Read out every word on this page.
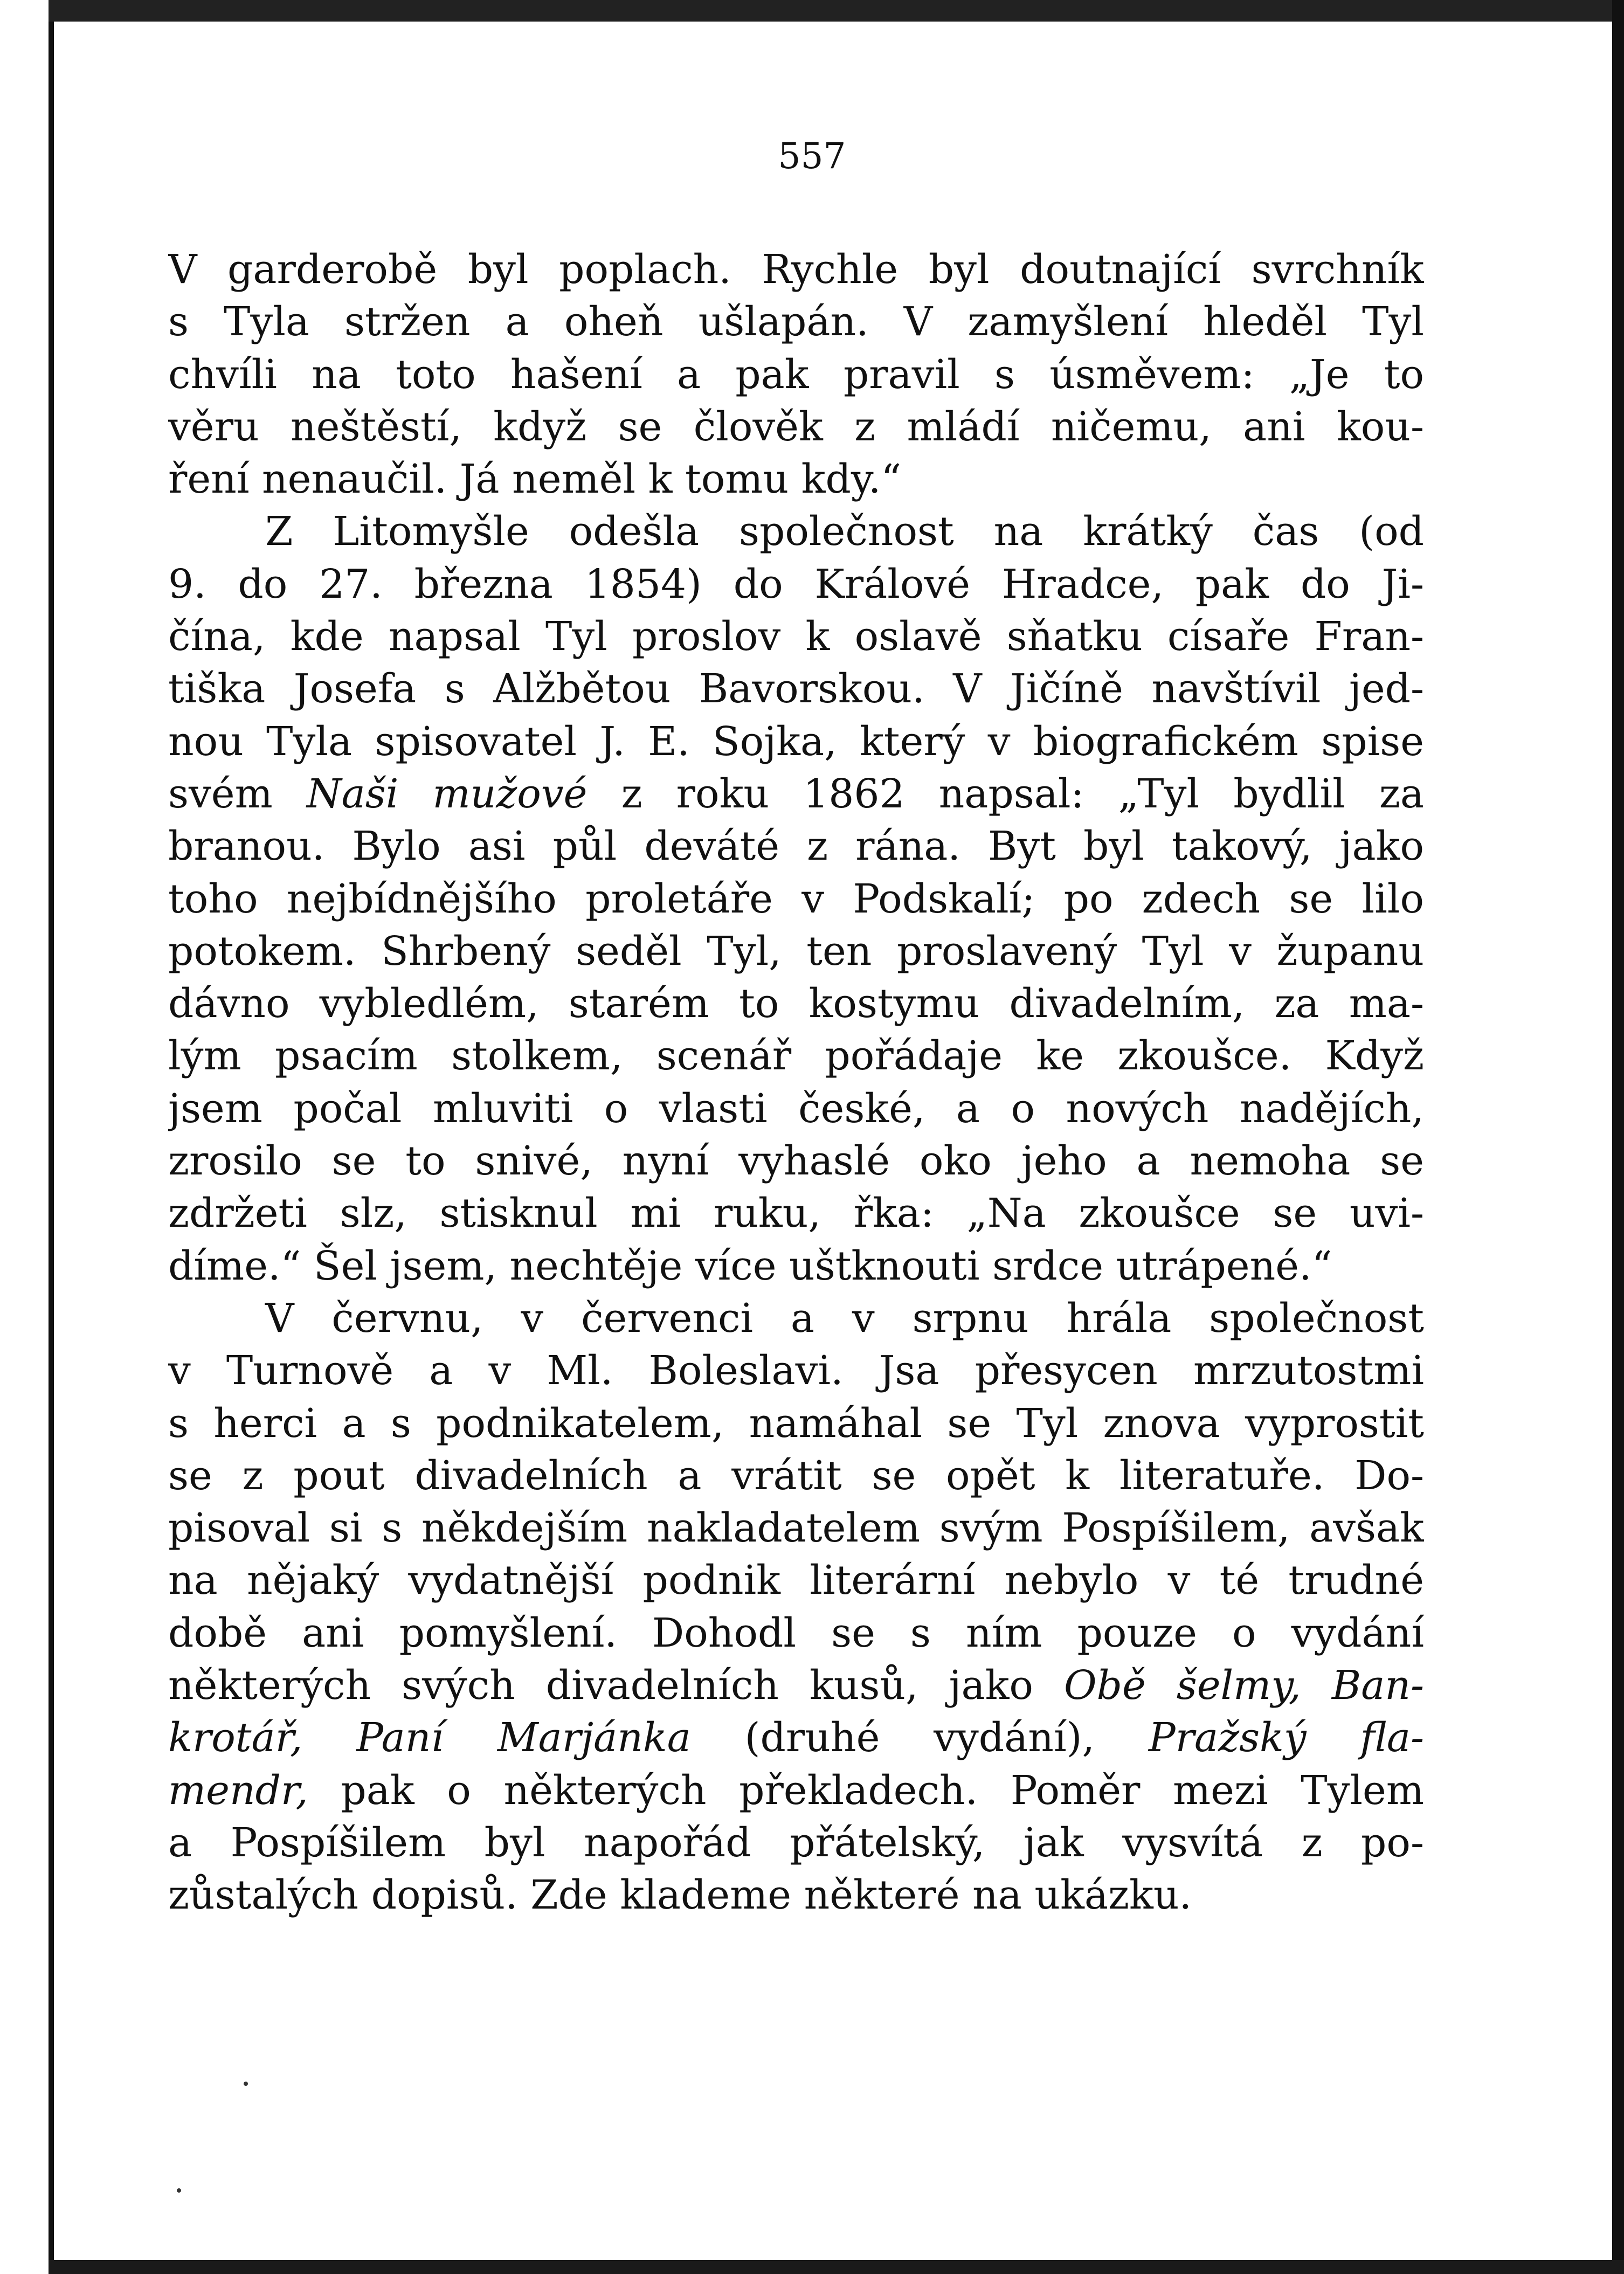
557
V garderobě byl poplach. Rychle byl doutnající svrchník
s Tyla stržen a oheň ušlapán. V zamyšlení hleděl Tyl
chvíli na toto hašení a pak pravil s úsměvem: „Je to
věru neštěstí, když se člověk z mládí ničemu, ani kou-
ření nenaučil. Já neměl k tomu kdy.“
Z Litomyšle odešla společnost na krátký čas (od
9. do 27. března 1854) do Králové Hradce, pak do Ji-
čína, kde napsal Tyl proslov k oslavě sňatku císaře Fran-
tiška Josefa s Alžbětou Bavorskou. V Jičíně navštívil jed-
nou Tyla spisovatel J. E. Sojka, který v biografickém spise
svém Naši mužové z roku 1862 napsal: „Tyl bydlil za
branou. Bylo asi půl deváté z rána. Byt byl takový, jako
toho nejbídnějšího proletáře v Podskalí; po zdech se lilo
potokem. Shrbený seděl Tyl, ten proslavený Tyl v županu
dávno vybledlém, starém to kostymu divadelním, za ma-
lým psacím stolkem, scenář pořádaje ke zkoušce. Když
jsem počal mluviti o vlasti české, a o nových nadějích,
zrosilo se to snivé, nyní vyhaslé oko jeho a nemoha se
zdržeti slz, stisknul mi ruku, řka: „Na zkoušce se uvi-
díme.“ Šel jsem, nechtěje více uštknouti srdce utrápené.“
V červnu, v červenci a v srpnu hrála společnost
v Turnově a v Ml. Boleslavi. Jsa přesycen mrzutostmi
s herci a s podnikatelem, namáhal se Tyl znova vyprostit
se z pout divadelních a vrátit se opět k literatuře. Do-
pisoval si s někdejším nakladatelem svým Pospíšilem, avšak
na nějaký vydatnější podnik literární nebylo v té trudné
době ani pomyšlení. Dohodl se s ním pouze o vydání
některých svých divadelních kusů, jako Obě šelmy, Ban-
krotář, Paní Marjánka (druhé vydání), Pražský fla-
mendr, pak o některých překladech. Poměr mezi Tylem
a Pospíšilem byl napořád přátelský, jak vysvítá z po-
zůstalých dopisů. Zde klademe některé na ukázku.
